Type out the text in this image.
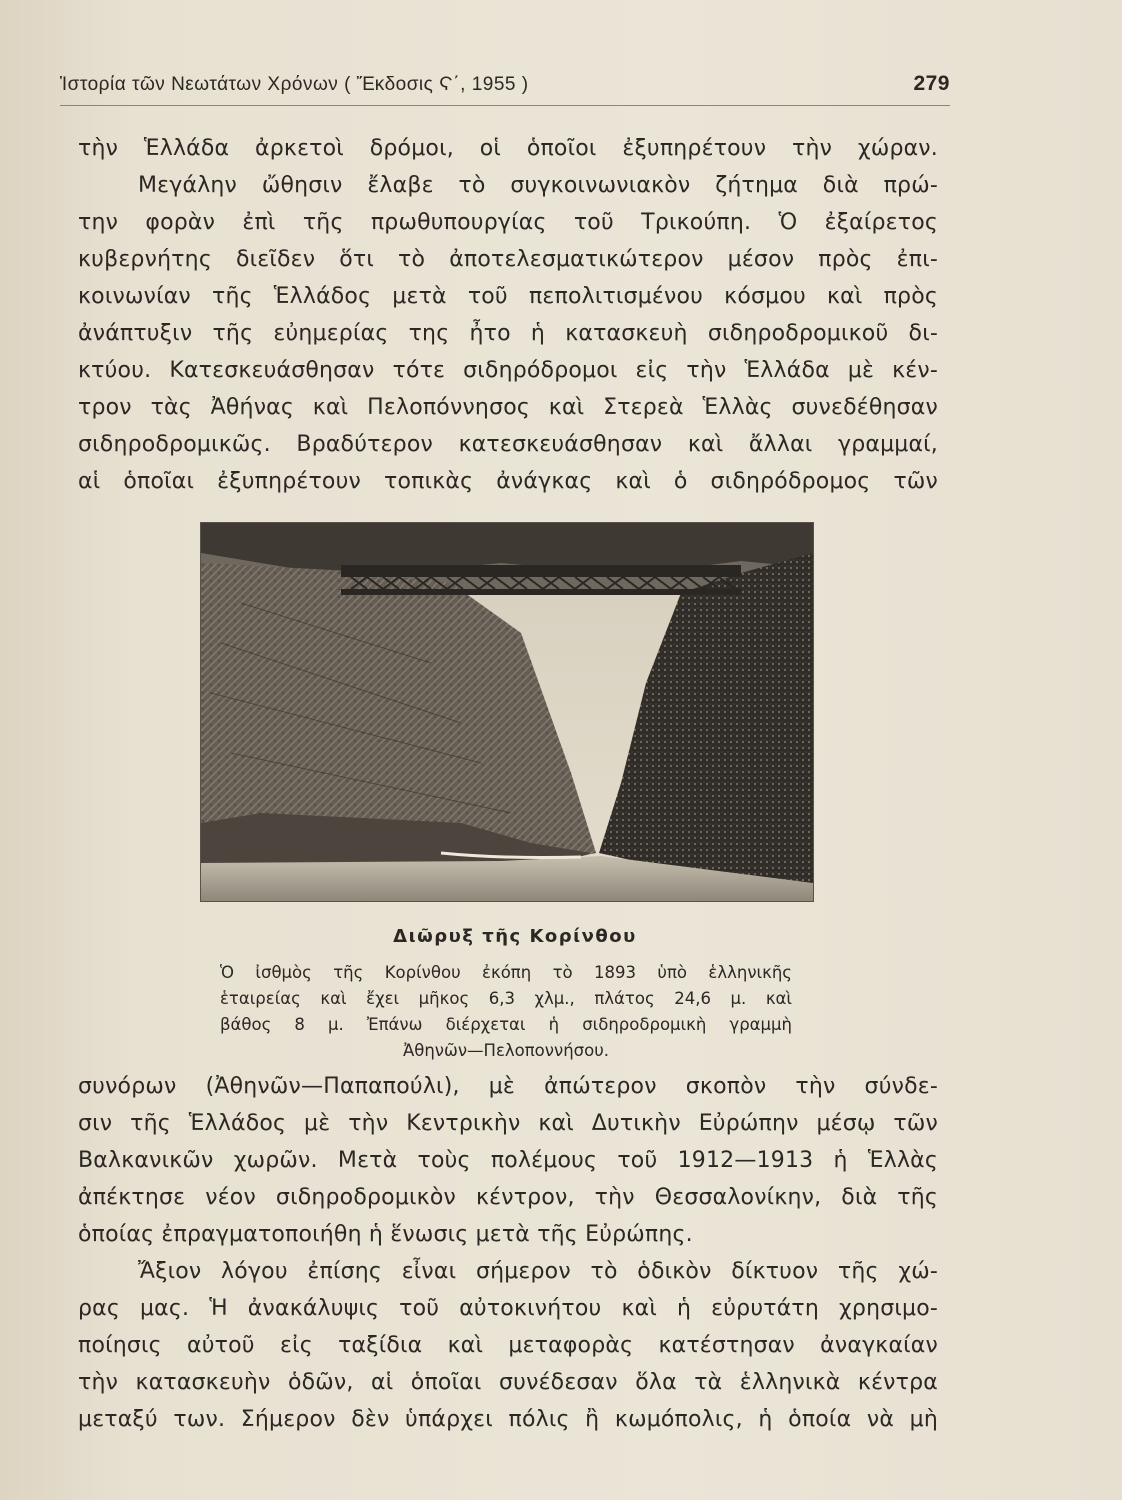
Ἱστορία τῶν Νεωτάτων Χρόνων ( Ἔκδοσις Ϛ΄, 1955 )	279
τὴν Ἑλλάδα ἀρκετοὶ δρόμοι, οἱ ὁποῖοι ἐξυπηρέτουν τὴν χώραν.
Μεγάλην ὤθησιν ἔλαβε τὸ συγκοινωνιακὸν ζήτημα διὰ πρώ-
την φορὰν ἐπὶ τῆς πρωθυπουργίας τοῦ Τρικούπη. Ὁ ἐξαίρετος
κυβερνήτης διεῖδεν ὅτι τὸ ἀποτελεσματικώτερον μέσον πρὸς ἐπι-
κοινωνίαν τῆς Ἑλλάδος μετὰ τοῦ πεπολιτισμένου κόσμου καὶ πρὸς
ἀνάπτυξιν τῆς εὐημερίας της ἦτο ἡ κατασκευὴ σιδηροδρομικοῦ δι-
κτύου. Κατεσκευάσθησαν τότε σιδηρόδρομοι εἰς τὴν Ἑλλάδα μὲ κέν-
τρον τὰς Ἀθήνας καὶ Πελοπόννησος καὶ Στερεὰ Ἑλλὰς συνεδέθησαν
σιδηροδρομικῶς. Βραδύτερον κατεσκευάσθησαν καὶ ἄλλαι γραμμαί,
αἱ ὁποῖαι ἐξυπηρέτουν τοπικὰς ἀνάγκας καὶ ὁ σιδηρόδρομος τῶν
Διῶρυξ τῆς Κορίνθου
Ὁ ἰσθμὸς τῆς Κορίνθου ἐκόπη τὸ 1893 ὑπὸ ἑλληνικῆς
ἑταιρείας καὶ ἔχει μῆκος 6,3 χλμ., πλάτος 24,6 μ. καὶ
βάθος 8 μ. Ἐπάνω διέρχεται ἡ σιδηροδρομικὴ γραμμὴ
Ἀθηνῶν—Πελοποννήσου.
συνόρων (Ἀθηνῶν—Παπαπούλι), μὲ ἀπώτερον σκοπὸν τὴν σύνδε-
σιν τῆς Ἑλλάδος μὲ τὴν Κεντρικὴν καὶ Δυτικὴν Εὐρώπην μέσῳ τῶν
Βαλκανικῶν χωρῶν. Μετὰ τοὺς πολέμους τοῦ 1912—1913 ἡ Ἑλλὰς
ἀπέκτησε νέον σιδηροδρομικὸν κέντρον, τὴν Θεσσαλονίκην, διὰ τῆς
ὁποίας ἐπραγματοποιήθη ἡ ἕνωσις μετὰ τῆς Εὐρώπης.
Ἄξιον λόγου ἐπίσης εἶναι σήμερον τὸ ὁδικὸν δίκτυον τῆς χώ-
ρας μας. Ἡ ἀνακάλυψις τοῦ αὐτοκινήτου καὶ ἡ εὐρυτάτη χρησιμο-
ποίησις αὐτοῦ εἰς ταξίδια καὶ μεταφορὰς κατέστησαν ἀναγκαίαν
τὴν κατασκευὴν ὁδῶν, αἱ ὁποῖαι συνέδεσαν ὅλα τὰ ἑλληνικὰ κέντρα
μεταξύ των. Σήμερον δὲν ὑπάρχει πόλις ἢ κωμόπολις, ἡ ὁποία νὰ μὴ
